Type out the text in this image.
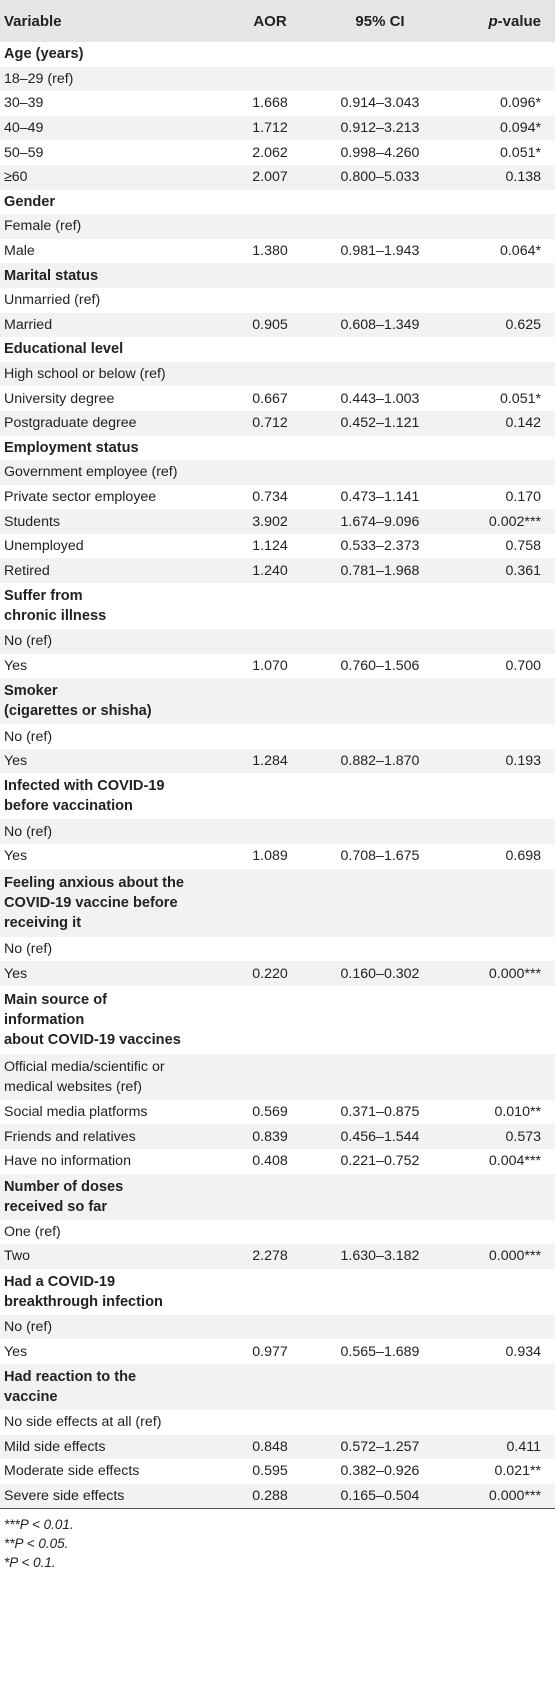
Variable	AOR	95% CI	p-value
Age (years)			
18–29 (ref)			
30–39	1.668	0.914–3.043	0.096*
40–49	1.712	0.912–3.213	0.094*
50–59	2.062	0.998–4.260	0.051*
≥60	2.007	0.800–5.033	0.138
Gender			
Female (ref)			
Male	1.380	0.981–1.943	0.064*
Marital status			
Unmarried (ref)			
Married	0.905	0.608–1.349	0.625
Educational level			
High school or below (ref)			
University degree	0.667	0.443–1.003	0.051*
Postgraduate degree	0.712	0.452–1.121	0.142
Employment status			
Government employee (ref)			
Private sector employee	0.734	0.473–1.141	0.170
Students	3.902	1.674–9.096	0.002***
Unemployed	1.124	0.533–2.373	0.758
Retired	1.240	0.781–1.968	0.361
Suffer from
chronic illness			
No (ref)			
Yes	1.070	0.760–1.506	0.700
Smoker
(cigarettes or shisha)			
No (ref)			
Yes	1.284	0.882–1.870	0.193
Infected with COVID-19
before vaccination			
No (ref)			
Yes	1.089	0.708–1.675	0.698
Feeling anxious about the
COVID-19 vaccine before
receiving it			
No (ref)			
Yes	0.220	0.160–0.302	0.000***
Main source of
information
about COVID-19 vaccines			
Official media/scientific or
medical websites (ref)			
Social media platforms	0.569	0.371–0.875	0.010**
Friends and relatives	0.839	0.456–1.544	0.573
Have no information	0.408	0.221–0.752	0.004***
Number of doses
received so far			
One (ref)			
Two	2.278	1.630–3.182	0.000***
Had a COVID-19
breakthrough infection			
No (ref)			
Yes	0.977	0.565–1.689	0.934
Had reaction to the
vaccine			
No side effects at all (ref)			
Mild side effects	0.848	0.572–1.257	0.411
Moderate side effects	0.595	0.382–0.926	0.021**
Severe side effects	0.288	0.165–0.504	0.000***
***P < 0.01.
**P < 0.05.
*P < 0.1.
